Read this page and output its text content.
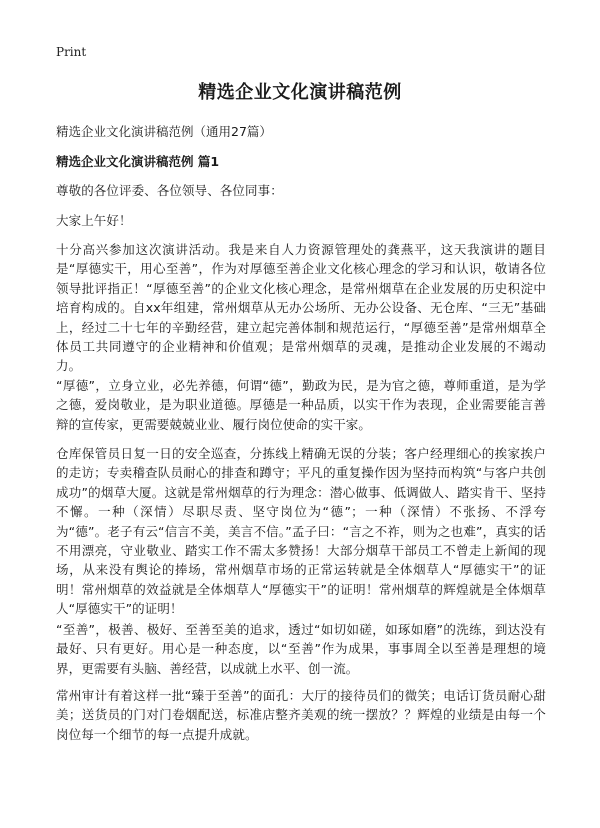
Print
精选企业文化演讲稿范例

精选企业文化演讲稿范例（通用27篇）

精选企业文化演讲稿范例 篇1

尊敬的各位评委、各位领导、各位同事：

大家上午好！

十分高兴参加这次演讲活动。我是来自人力资源管理处的龚燕平，这天我演讲的题目是“厚德实干，用心至善”，作为对厚德至善企业文化核心理念的学习和认识，敬请各位领导批评指正！“厚德至善”的企业文化核心理念，是常州烟草在企业发展的历史积淀中培育构成的。自xx年组建，常州烟草从无办公场所、无办公设备、无仓库、“三无”基础上，经过二十七年的辛勤经营，建立起完善体制和规范运行，“厚德至善”是常州烟草全体员工共同遵守的企业精神和价值观；是常州烟草的灵魂，是推动企业发展的不竭动力。

“厚德”，立身立业，必先养德，何谓“德”，勤政为民，是为官之德，尊师重道，是为学之德，爱岗敬业，是为职业道德。厚德是一种品质，以实干作为表现，企业需要能言善辩的宣传家，更需要兢兢业业、履行岗位使命的实干家。

仓库保管员日复一日的安全巡查，分拣线上精确无误的分装；客户经理细心的挨家挨户的走访；专卖稽查队员耐心的排查和蹲守；平凡的重复操作因为坚持而构筑“与客户共创成功”的烟草大厦。这就是常州烟草的行为理念：潜心做事、低调做人、踏实肯干、坚持不懈。一种（深情）尽职尽责、坚守岗位为“德”；一种（深情）不张扬、不浮夸为“德”。老子有云“信言不美，美言不信。”孟子曰：“言之不祚，则为之也难”，真实的话不用漂亮，守业敬业、踏实工作不需太多赞扬！大部分烟草干部员工不曾走上新闻的现场，从来没有舆论的捧场，常州烟草市场的正常运转就是全体烟草人“厚德实干”的证明！常州烟草的效益就是全体烟草人“厚德实干”的证明！常州烟草的辉煌就是全体烟草人“厚德实干”的证明！

“至善”，极善、极好、至善至美的追求，透过“如切如磋，如琢如磨”的洗练，到达没有最好、只有更好。用心是一种态度，以“至善”作为成果，事事周全以至善是理想的境界，更需要有头脑、善经营，以成就上水平、创一流。

常州审计有着这样一批“臻于至善”的面孔：大厅的接待员们的微笑；电话订货员耐心甜美；送货员的门对门卷烟配送，标准店整齐美观的统一摆放？？辉煌的业绩是由每一个岗位每一个细节的每一点提升成就。
